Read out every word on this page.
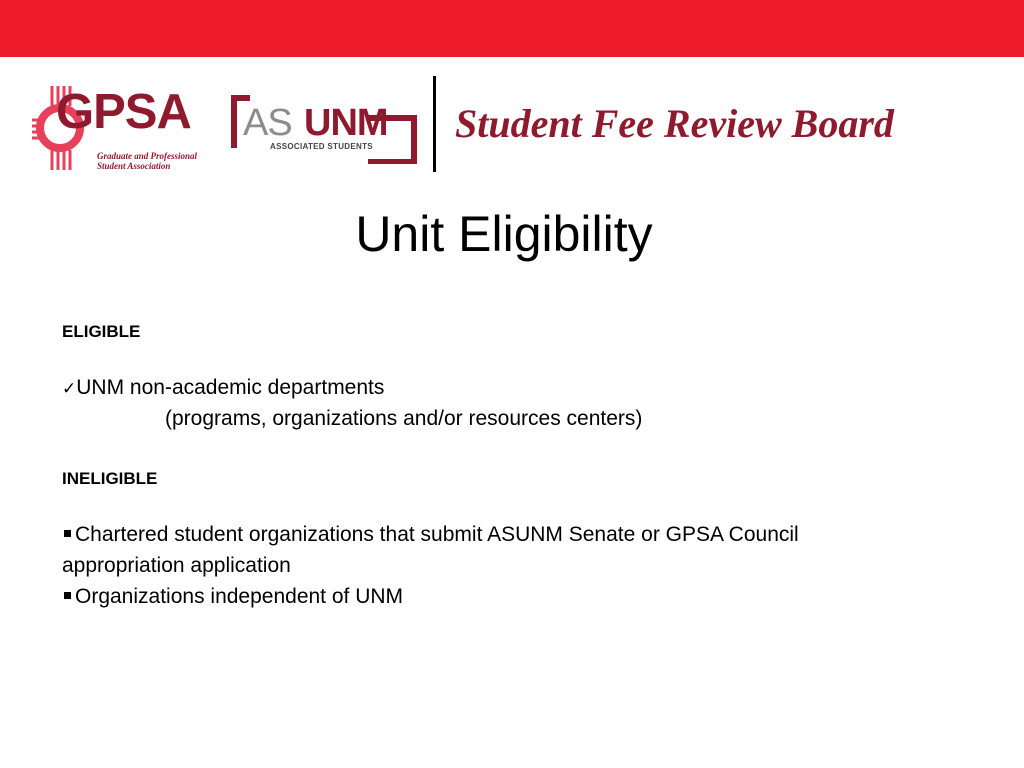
GPSA
Graduate and Professional
Student Association
AS UNM
ASSOCIATED STUDENTS
Student Fee Review Board
Unit Eligibility
ELIGIBLE
✓UNM non-academic departments
(programs, organizations and/or resources centers)
INELIGIBLE
Chartered student organizations that submit ASUNM Senate or GPSA Council
appropriation application
Organizations independent of UNM
